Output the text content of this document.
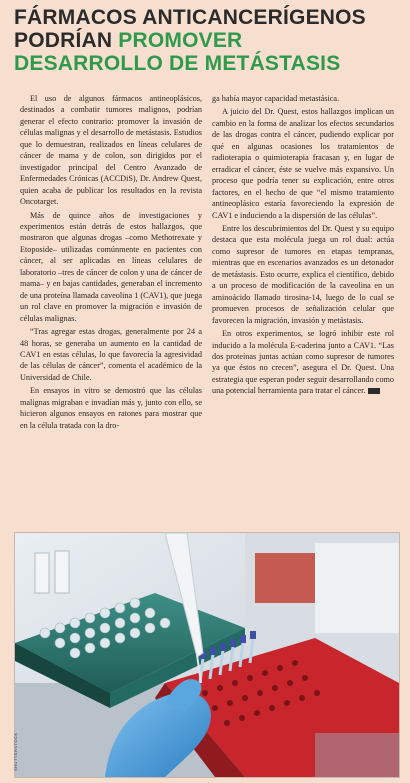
FÁRMACOS ANTICANCERÍGENOS
PODRÍAN PROMOVER
DESARROLLO DE METÁSTASIS

El uso de algunos fármacos antineoplásicos, destinados a combatir tumores malignos, podrían generar el efecto contrario: promover la invasión de células malignas y el desarrollo de metástasis. Estudios que lo demuestran, realizados en líneas celulares de cáncer de mama y de colon, son dirigidos por el investigador principal del Centro Avanzado de Enfermedades Crónicas (ACCDiS), Dr. Andrew Quest, quien acaba de publicar los resultados en la revista Oncotarget.

Más de quince años de investigaciones y experimentos están detrás de estos hallazgos, que mostraron que algunas drogas –como Methotrexate y Etoposide– utilizadas comúnmente en pacientes con cáncer, al ser aplicadas en líneas celulares de laboratorio –tres de cáncer de colon y una de cáncer de mama– y en bajas cantidades, generaban el incremento de una proteína llamada caveolina 1 (CAV1), que juega un rol clave en promover la migración e invasión de células malignas.

“Tras agregar estas drogas, generalmente por 24 a 48 horas, se generaba un aumento en la cantidad de CAV1 en estas células, lo que favorecía la agresividad de las células de cáncer”, comenta el académico de la Universidad de Chile.

En ensayos in vitro se demostró que las células malignas migraban e invadían más y, junto con ello, se hicieron algunos ensayos en ratones para mostrar que en la célula tratada con la dro-

ga había mayor capacidad metastásica.

A juicio del Dr. Quest, estos hallazgos implican un cambio en la forma de analizar los efectos secundarios de las drogas contra el cáncer, pudiendo explicar por qué en algunas ocasiones los tratamientos de radioterapia o quimioterapia fracasan y, en lugar de erradicar el cáncer, éste se vuelve más expansivo. Un proceso que podría tener su explicación, entre otros factores, en el hecho de que “el mismo tratamiento antineoplásico estaría favoreciendo la expresión de CAV1 e induciendo a la dispersión de las células”.

Entre los descubrimientos del Dr. Quest y su equipo destaca que esta molécula juega un rol dual: actúa como supresor de tumores en etapas tempranas, mientras que en escenarios avanzados es un detonador de metástasis. Esto ocurre, explica el científico, debido a un proceso de modificación de la caveolina en un aminoácido llamado tirosina-14, luego de lo cual se promueven procesos de señalización celular que favorecen la migración, invasión y metástasis.

En otros experimentos, se logró inhibir este rol inducido a la molécula E-caderina junto a CAV1. “Las dos proteínas juntas actúan como supresor de tumores ya que éstos no crecen”, asegura el Dr. Quest. Una estrategia que esperan poder seguir desarrollando como una potencial herramienta para tratar el cáncer.

SHUTTERSTOCK
